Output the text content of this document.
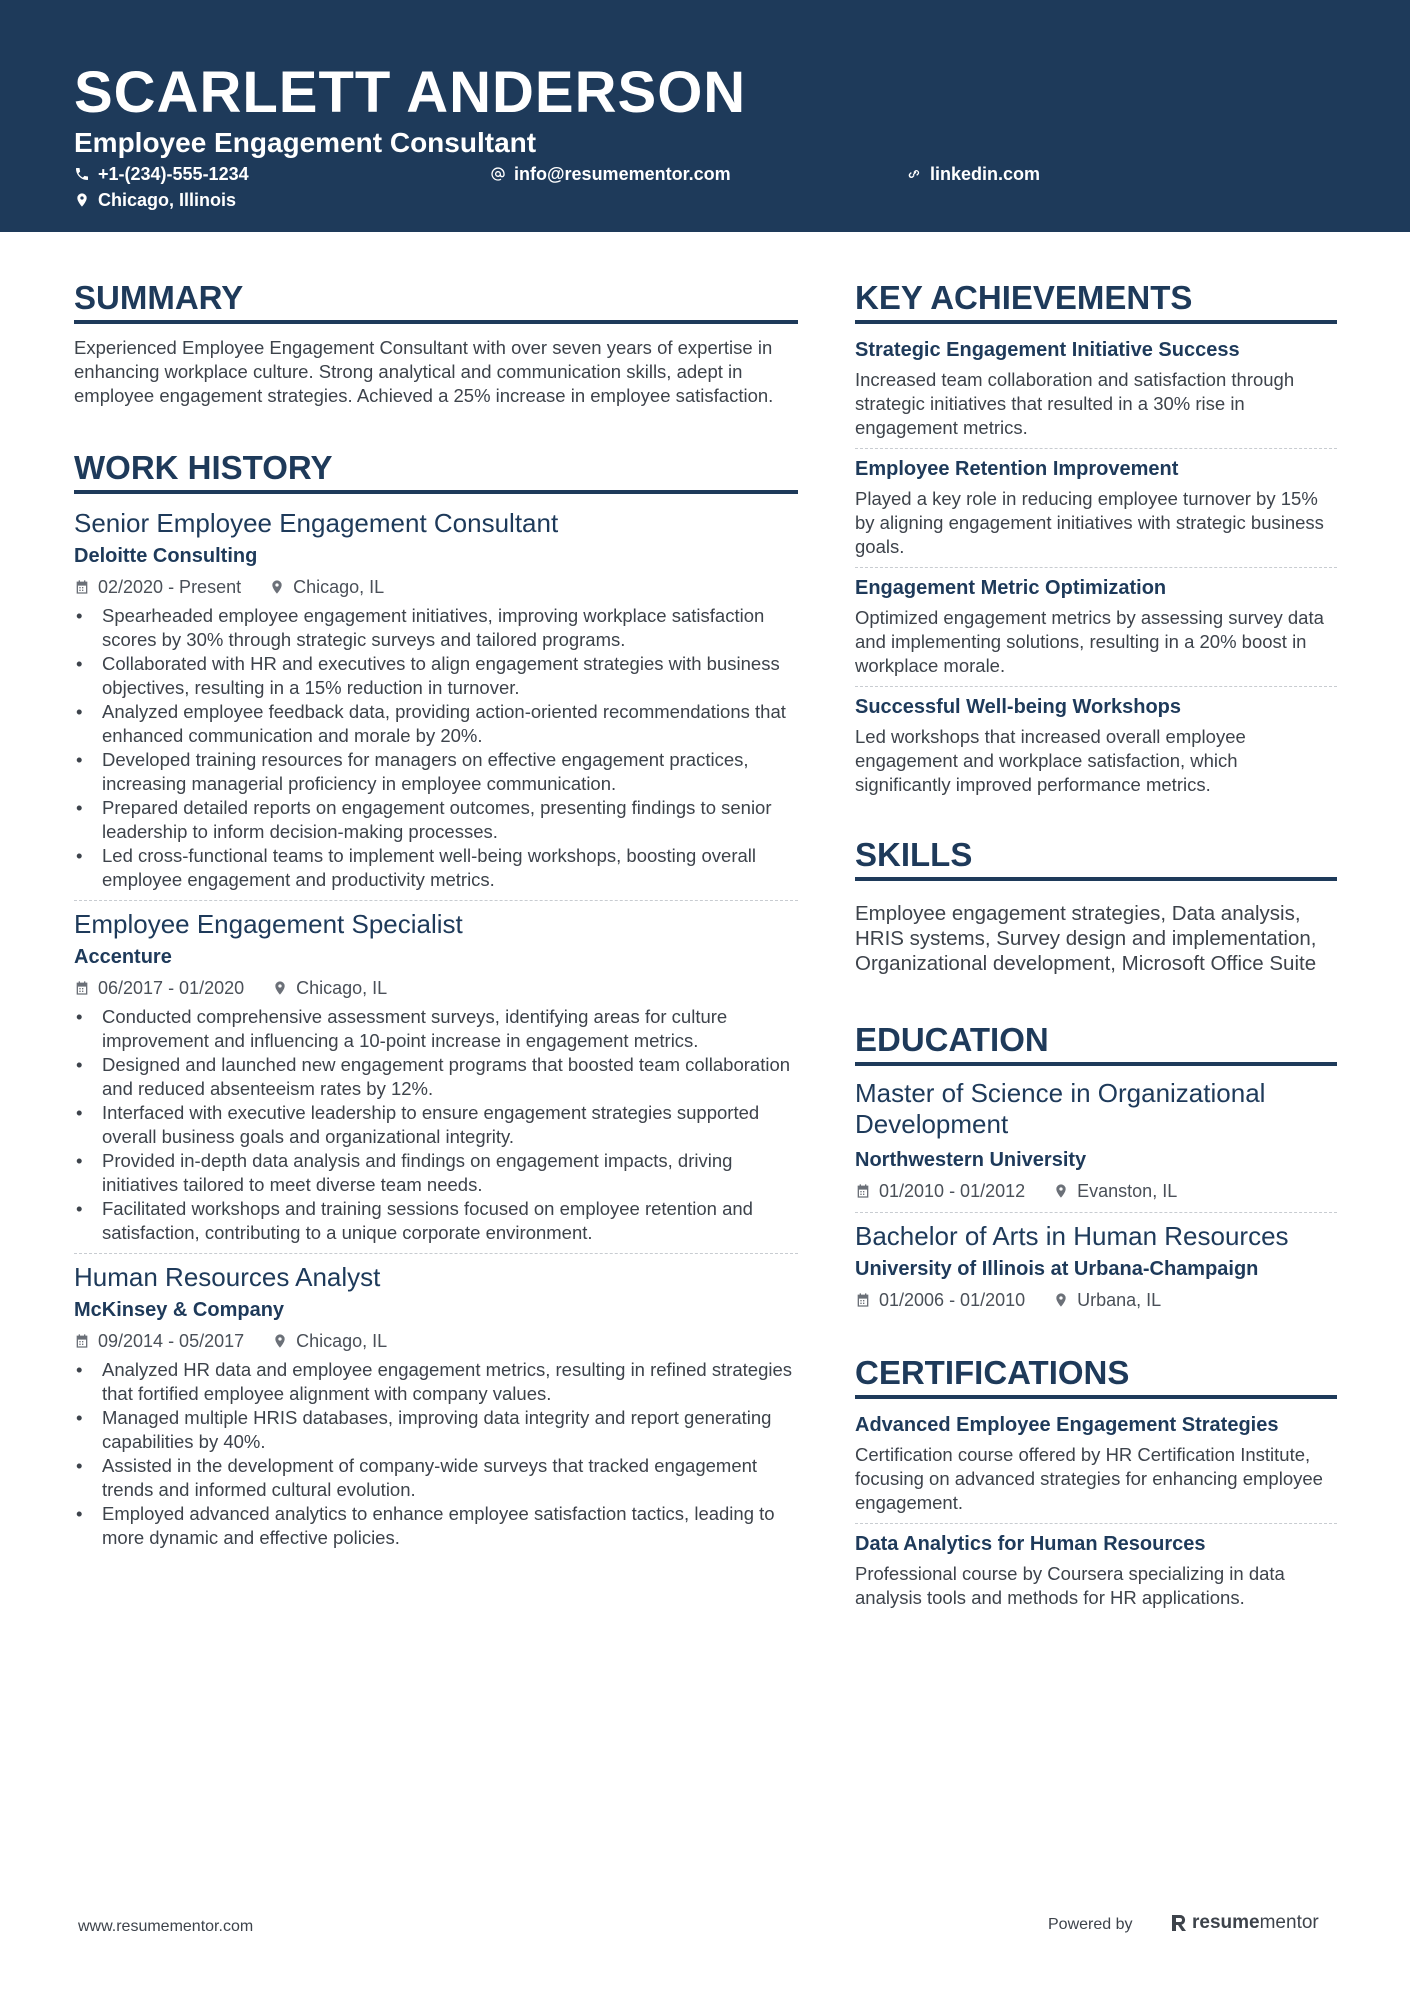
SCARLETT ANDERSON
Employee Engagement Consultant
+1-(234)-555-1234	info@resumementor.com	linkedin.com
Chicago, Illinois
SUMMARY
Experienced Employee Engagement Consultant with over seven years of expertise in enhancing workplace culture. Strong analytical and communication skills, adept in employee engagement strategies. Achieved a 25% increase in employee satisfaction.
WORK HISTORY
Senior Employee Engagement Consultant
Deloitte Consulting
02/2020 - Present	Chicago, IL
• Spearheaded employee engagement initiatives, improving workplace satisfaction scores by 30% through strategic surveys and tailored programs.
• Collaborated with HR and executives to align engagement strategies with business objectives, resulting in a 15% reduction in turnover.
• Analyzed employee feedback data, providing action-oriented recommendations that enhanced communication and morale by 20%.
• Developed training resources for managers on effective engagement practices, increasing managerial proficiency in employee communication.
• Prepared detailed reports on engagement outcomes, presenting findings to senior leadership to inform decision-making processes.
• Led cross-functional teams to implement well-being workshops, boosting overall employee engagement and productivity metrics.
Employee Engagement Specialist
Accenture
06/2017 - 01/2020	Chicago, IL
• Conducted comprehensive assessment surveys, identifying areas for culture improvement and influencing a 10-point increase in engagement metrics.
• Designed and launched new engagement programs that boosted team collaboration and reduced absenteeism rates by 12%.
• Interfaced with executive leadership to ensure engagement strategies supported overall business goals and organizational integrity.
• Provided in-depth data analysis and findings on engagement impacts, driving initiatives tailored to meet diverse team needs.
• Facilitated workshops and training sessions focused on employee retention and satisfaction, contributing to a unique corporate environment.
Human Resources Analyst
McKinsey & Company
09/2014 - 05/2017	Chicago, IL
• Analyzed HR data and employee engagement metrics, resulting in refined strategies that fortified employee alignment with company values.
• Managed multiple HRIS databases, improving data integrity and report generating capabilities by 40%.
• Assisted in the development of company-wide surveys that tracked engagement trends and informed cultural evolution.
• Employed advanced analytics to enhance employee satisfaction tactics, leading to more dynamic and effective policies.
KEY ACHIEVEMENTS
Strategic Engagement Initiative Success
Increased team collaboration and satisfaction through strategic initiatives that resulted in a 30% rise in engagement metrics.
Employee Retention Improvement
Played a key role in reducing employee turnover by 15% by aligning engagement initiatives with strategic business goals.
Engagement Metric Optimization
Optimized engagement metrics by assessing survey data and implementing solutions, resulting in a 20% boost in workplace morale.
Successful Well-being Workshops
Led workshops that increased overall employee engagement and workplace satisfaction, which significantly improved performance metrics.
SKILLS
Employee engagement strategies, Data analysis, HRIS systems, Survey design and implementation, Organizational development, Microsoft Office Suite
EDUCATION
Master of Science in Organizational Development
Northwestern University
01/2010 - 01/2012	Evanston, IL
Bachelor of Arts in Human Resources
University of Illinois at Urbana-Champaign
01/2006 - 01/2010	Urbana, IL
CERTIFICATIONS
Advanced Employee Engagement Strategies
Certification course offered by HR Certification Institute, focusing on advanced strategies for enhancing employee engagement.
Data Analytics for Human Resources
Professional course by Coursera specializing in data analysis tools and methods for HR applications.
www.resumementor.com	Powered by	resumementor
